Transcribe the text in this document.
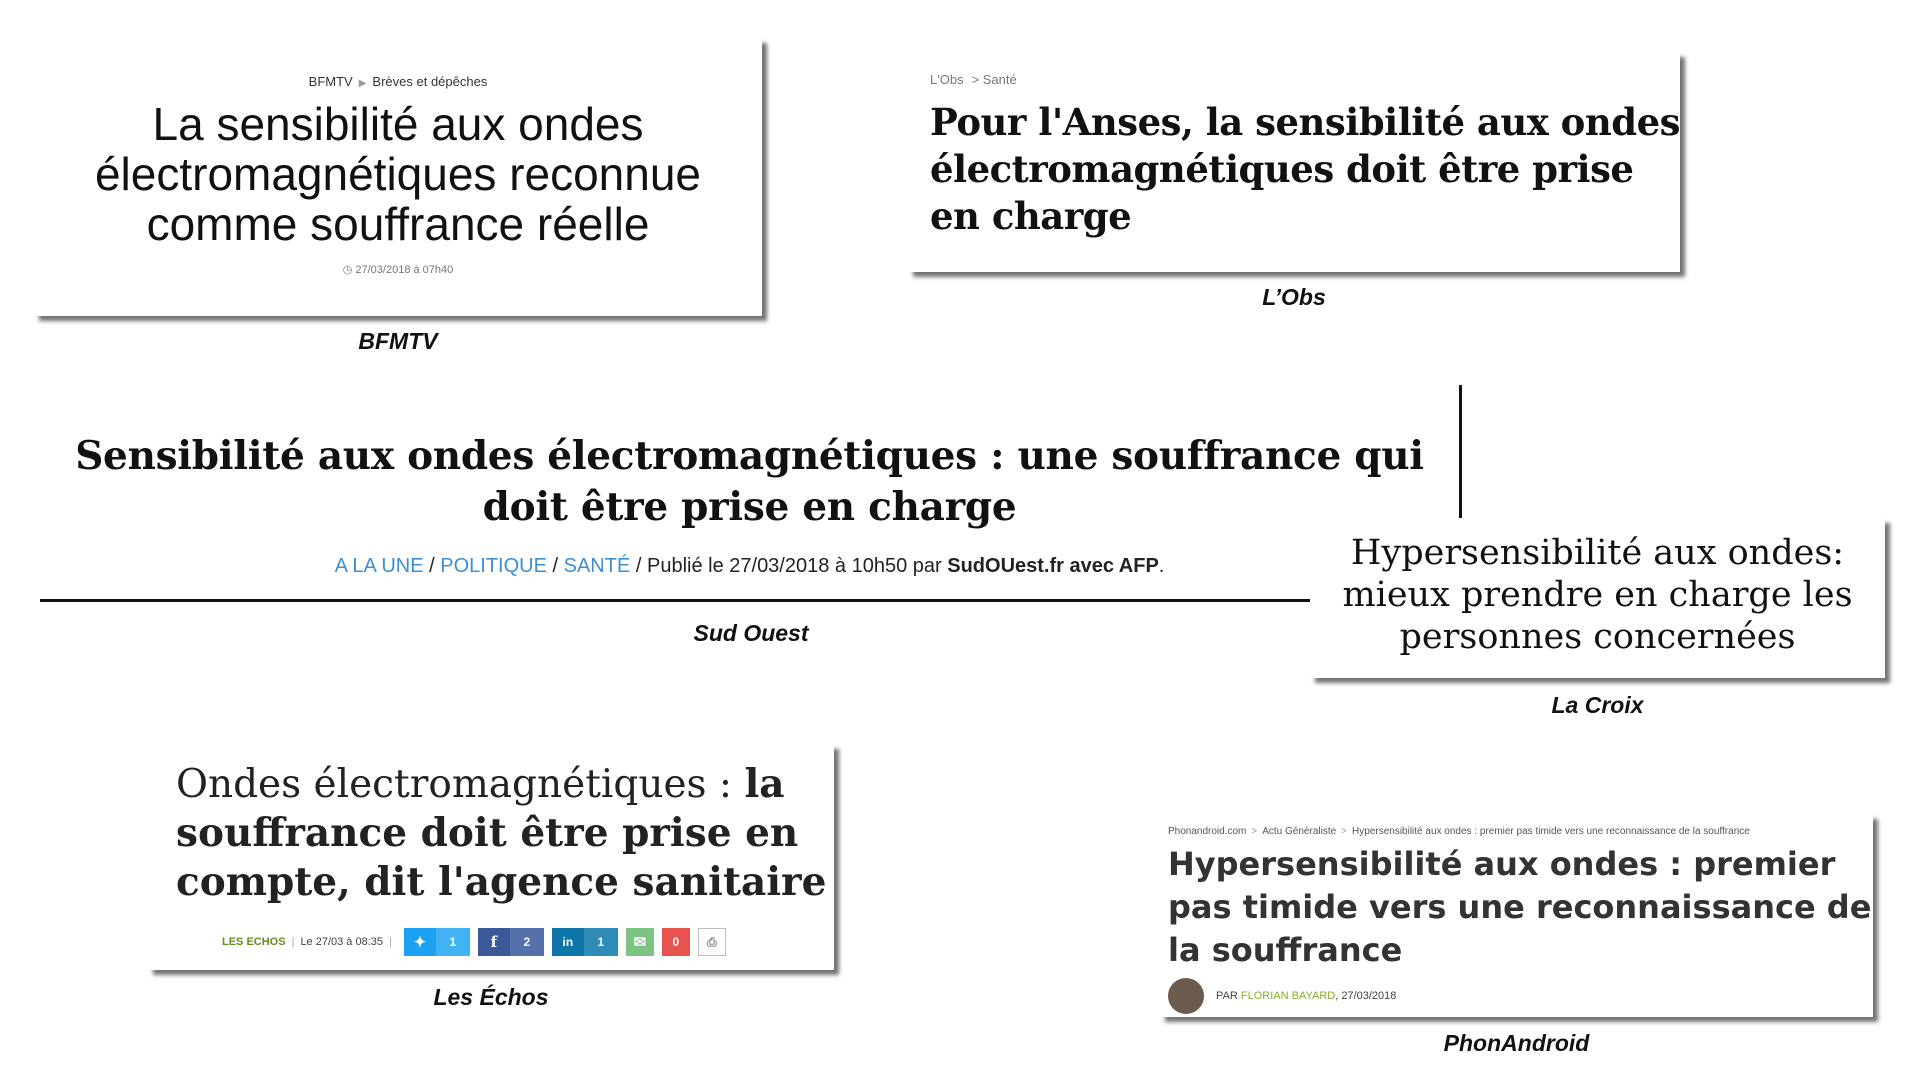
BFMTV ▶ Brèves et dépêches
La sensibilité aux ondes électromagnétiques reconnue comme souffrance réelle
◷ 27/03/2018 à 07h40
BFMTV
L'Obs > Santé
Pour l'Anses, la sensibilité aux ondes électromagnétiques doit être prise en charge
L’Obs
Sensibilité aux ondes électromagnétiques : une souffrance qui doit être prise en charge
A LA UNE / POLITIQUE / SANTÉ / Publié le 27/03/2018 à 10h50 par SudOUest.fr avec AFP.
Sud Ouest
Hypersensibilité aux ondes: mieux prendre en charge les personnes concernées
La Croix
Ondes électromagnétiques : la souffrance doit être prise en compte, dit l'agence sanitaire
LES ECHOS | Le 27/03 à 08:35 |	✦	1	f	2	in	1	✉	0 ⎙
Les Échos
Phonandroid.com > Actu Généraliste > Hypersensibilité aux ondes : premier pas timide vers une reconnaissance de la souffrance
Hypersensibilité aux ondes : premier pas timide vers une reconnaissance de la souffrance
PAR
FLORIAN BAYARD , 27/03/2018
PhonAndroid
